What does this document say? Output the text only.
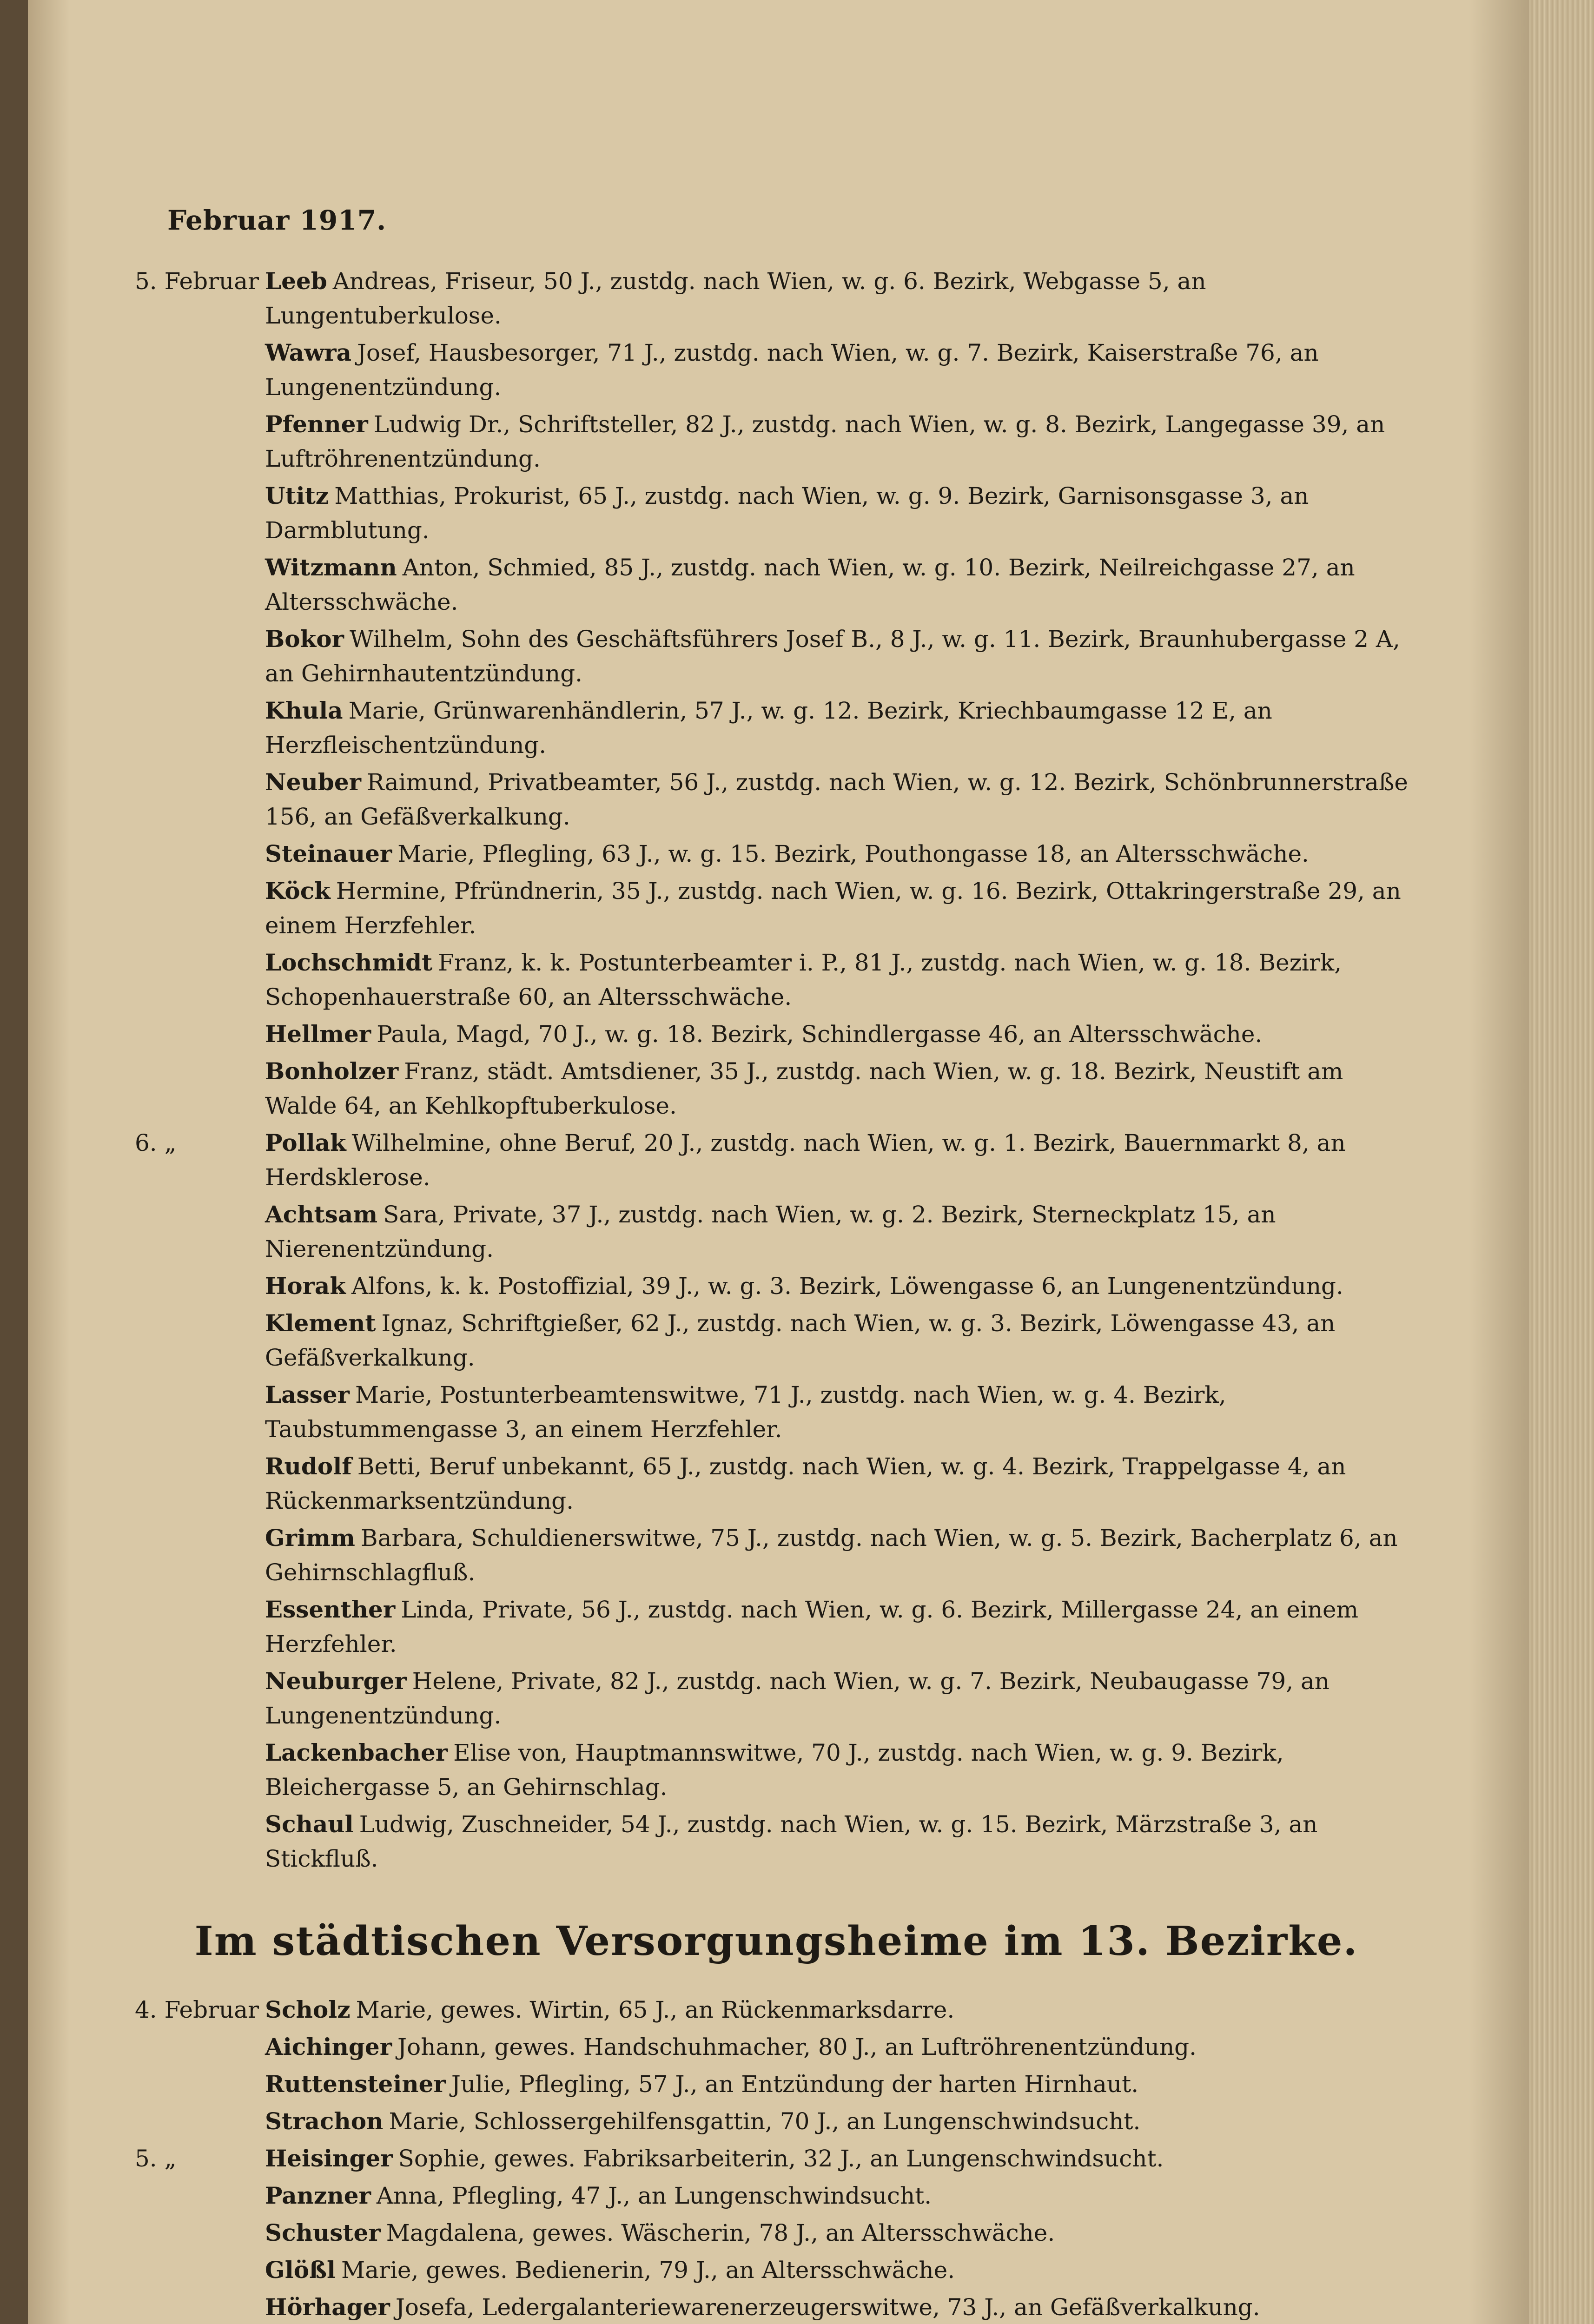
Februar 1917.
5. Februar Leeb Andreas, Friseur, 50 J., zustdg. nach Wien, w. g. 6. Bezirk, Webgasse 5, an Lungentuberkulose.
Wawra Josef, Hausbesorger, 71 J., zustdg. nach Wien, w. g. 7. Bezirk, Kaiserstraße 76, an Lungenentzündung.
Pfenner Ludwig Dr., Schriftsteller, 82 J., zustdg. nach Wien, w. g. 8. Bezirk, Langegasse 39, an Luftröhrenentzündung.
Utitz Matthias, Prokurist, 65 J., zustdg. nach Wien, w. g. 9. Bezirk, Garnisonsgasse 3, an Darmblutung.
Witzmann Anton, Schmied, 85 J., zustdg. nach Wien, w. g. 10. Bezirk, Neilreichgasse 27, an Altersschwäche.
Bokor Wilhelm, Sohn des Geschäftsführers Josef B., 8 J., w. g. 11. Bezirk, Braunhubergasse 2 A, an Gehirnhautentzündung.
Khula Marie, Grünwarenhändlerin, 57 J., w. g. 12. Bezirk, Kriechbaumgasse 12 E, an Herzfleischentzündung.
Neuber Raimund, Privatbeamter, 56 J., zustdg. nach Wien, w. g. 12. Bezirk, Schönbrunnerstraße 156, an Gefäßverkalkung.
Steinauer Marie, Pflegling, 63 J., w. g. 15. Bezirk, Pouthongasse 18, an Altersschwäche.
Köck Hermine, Pfründnerin, 35 J., zustdg. nach Wien, w. g. 16. Bezirk, Ottakringerstraße 29, an einem Herzfehler.
Lochschmidt Franz, k. k. Postunterbeamter i. P., 81 J., zustdg. nach Wien, w. g. 18. Bezirk, Schopenhauerstraße 60, an Altersschwäche.
Hellmer Paula, Magd, 70 J., w. g. 18. Bezirk, Schindlergasse 46, an Altersschwäche.
Bonholzer Franz, städt. Amtsdiener, 35 J., zustdg. nach Wien, w. g. 18. Bezirk, Neustift am Walde 64, an Kehlkopftuberkulose.
6. „	Pollak Wilhelmine, ohne Beruf, 20 J., zustdg. nach Wien, w. g. 1. Bezirk, Bauernmarkt 8, an Herdsklerose.
Achtsam Sara, Private, 37 J., zustdg. nach Wien, w. g. 2. Bezirk, Sterneckplatz 15, an Nierenentzündung.
Horak Alfons, k. k. Postoffizial, 39 J., w. g. 3. Bezirk, Löwengasse 6, an Lungenentzündung.
Klement Ignaz, Schriftgießer, 62 J., zustdg. nach Wien, w. g. 3. Bezirk, Löwengasse 43, an Gefäßverkalkung.
Lasser Marie, Postunterbeamtenswitwe, 71 J., zustdg. nach Wien, w. g. 4. Bezirk, Taubstummengasse 3, an einem Herzfehler.
Rudolf Betti, Beruf unbekannt, 65 J., zustdg. nach Wien, w. g. 4. Bezirk, Trappelgasse 4, an Rückenmarksentzündung.
Grimm Barbara, Schuldienerswitwe, 75 J., zustdg. nach Wien, w. g. 5. Bezirk, Bacherplatz 6, an Gehirnschlagfluß.
Essenther Linda, Private, 56 J., zustdg. nach Wien, w. g. 6. Bezirk, Millergasse 24, an einem Herzfehler.
Neuburger Helene, Private, 82 J., zustdg. nach Wien, w. g. 7. Bezirk, Neubaugasse 79, an Lungenentzündung.
Lackenbacher Elise von, Hauptmannswitwe, 70 J., zustdg. nach Wien, w. g. 9. Bezirk, Bleichergasse 5, an Gehirnschlag.
Schaul Ludwig, Zuschneider, 54 J., zustdg. nach Wien, w. g. 15. Bezirk, Märzstraße 3, an Stickfluß.
Im städtischen Versorgungsheime im 13. Bezirke.
4. Februar Scholz Marie, gewes. Wirtin, 65 J., an Rückenmarksdarre.
Aichinger Johann, gewes. Handschuhmacher, 80 J., an Luftröhrenentzündung.
Ruttensteiner Julie, Pflegling, 57 J., an Entzündung der harten Hirnhaut.
Strachon Marie, Schlossergehilfensgattin, 70 J., an Lungenschwindsucht.
5. „	Heisinger Sophie, gewes. Fabriksarbeiterin, 32 J., an Lungenschwindsucht.
Panzner Anna, Pflegling, 47 J., an Lungenschwindsucht.
Schuster Magdalena, gewes. Wäscherin, 78 J., an Altersschwäche.
Glößl Marie, gewes. Bedienerin, 79 J., an Altersschwäche.
Hörhager Josefa, Ledergalanteriewarenerzeugerswitwe, 73 J., an Gefäßverkalkung.
